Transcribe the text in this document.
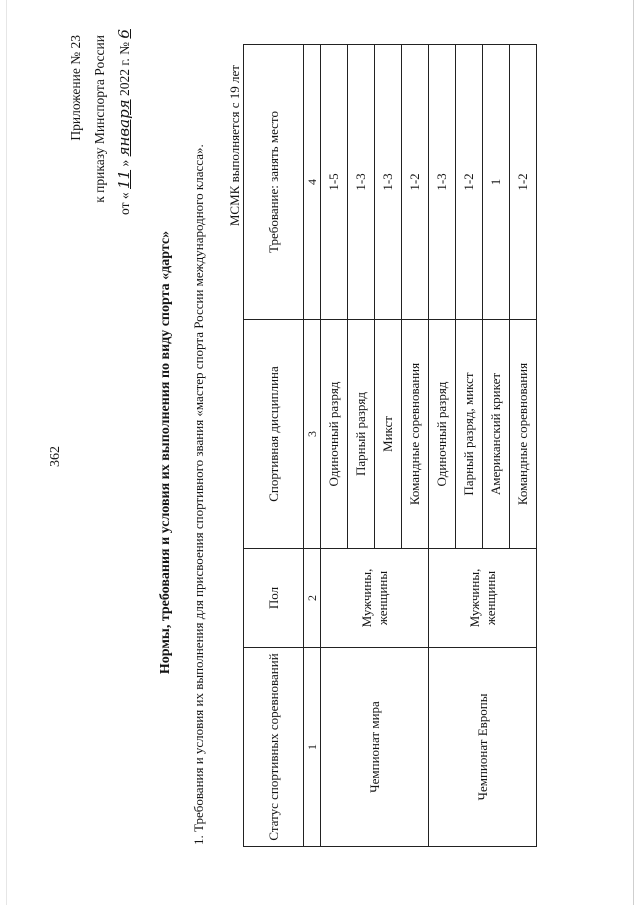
362
Приложение № 23 к приказу Минспорта России
от « 11 » января 2022 г. № 6
Нормы, требования и условия их выполнения по виду спорта «дартс» 1. Требования и условия их выполнения для присвоения спортивного звания «мастер спорта России международного класса». МСМК выполняется с 19 лет
Статус спортивных соревнований	Пол	Спортивная дисциплина	Требование: занять место
1	2	3	4
Чемпионат мира	Мужчины, женщины	Одиночный разряд	1-5
		Парный разряд	1-3
		Микст	1-3
		Командные соревнования	1-2
Чемпионат Европы	Мужчины, женщины	Одиночный разряд	1-3
		Парный разряд, микст	1-2
		Американский крикет	1
		Командные соревнования	1-2
